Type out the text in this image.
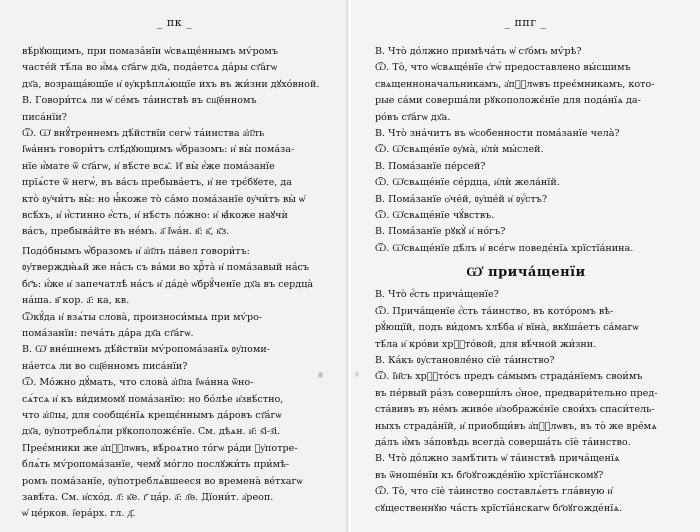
_ пк _
вѣ́рꙋющимъ, при помаза́нїи ѡ҆свѧще́ннымъ мѵ́ромъ
часте́й тѣ́ла во и҆́мѧ ст҃а́гѡ дх҃а, пода́етсѧ да́ры ст҃а́гѡ
дх҃а, возраща́ющїе и҆ ᲂу҆крѣплѧ́ющїе ихъ въ жи́зни дꙋхо́вной.
В. Говори́тсѧ ли ѡ҆ се́мъ та́инствѣ въ сщ҃е́нномъ
писа́нїи?
Ѿ. Ѡ҆ внꙋ́треннемъ дѣ́йствїи сегѡ̀ та́инства а҆п҃лъ
І҆ѡа́ннъ говори́тъ слѣ́дꙋющимъ ѡ҆́бразомъ: и҆ вы̀ пома́за-
нїе и҆́мате ѿ ст҃а́гѡ, и҆ вѣ́сте всѧ̑. И҆ вы̀ е҆́же пома́занїе
прїѧ́сте ѿ негѡ̀, въ ва́съ пребыва́етъ, и҆ не трє́бꙋете, да
кто̀ ᲂу҆чи́тъ вы̀: но ꙗ҆́коже то̀ са́мо пома́занїе ᲂу҆чи́тъ вы̀ ѡ҆
всѣ́хъ, и҆ и҆́стинно е҆́сть, и҆ нѣ́сть ло́жно: и҆ ꙗ҆́коже наꙋчѝ
ва́съ, пребыва́йте въ не́мъ. а҃ І҆ѡа́н. в҃: к҃, к҃з.
Подо́бнымъ ѡ҆́бразомъ и҆ а҆п҃лъ па́вел говори́тъ:
ᲂу҆тверждꙗ́ѧй же на́съ съ ва́ми во хрⷭ҇та̀ и҆ пома́завый на́съ
бг҃ъ: и҆́же и҆ запечатлѣ̀ на́съ и҆ да́дѐ ѡ҆брꙋ́ченїе дх҃а въ сердца̀
на́ша. в҃ кор. а҃: ка, кв.
Ѿкꙋ́да и҆ взѧ́ты слова̀, произноси́мыѧ при мѵ́ро-
пома́занїи: печа́ть да́ра дх҃а ст҃а́гѡ.
В. Ѡ҆ вне́шнемъ дѣ́йствїи мѵ́ропома́занїѧ ᲂу҆поми-
на́етсѧ ли во сщ҃е́нномъ писа́нїи?
Ѿ. Мо́жно дꙋ́мать, что слова̀ а҆п҃ла І҆ѡа́нна ѿно-
сѧ́тсѧ и҆ къ ви́димомꙋ пома́занїю: но бо́лѣе и҆звѣ́стно,
что а҆п҃лы, для сообщє́нїѧ крещє́ннымъ да́ровъ ст҃а́гѡ
дх҃а, ᲂу҆потреблѧ́ли рꙋкоположє́нїе. См. дѣѧн. и҃: ѕ҃і-з҃і.
Преє́мники же а҆пⷭ҇лѡвъ, вѣ́роѧтно то́гѡ ра́ди ᲂу҆потре-
блѧ́ть мѵ́ропома́занїе, чемꙋ̀ мо́гло послꙋжи́ть при́мѣ-
ромъ пома́занїе, ᲂу҆потреблѧ́вшееся во времена̀ ве́тхагѡ
завѣ́та. См. и҆схо́д. л҃: к҃е. г҃ ца́р. а҃: л҃ѳ. Дїони́т. а҆реоп.
ѡ҆ це́рков. і҆ера́рх. гл. д҃.
_ ппг _
В. Что̀ до́лжно примѣча́ть ѡ҆ ст҃о́мъ мѵ́рѣ?
Ѿ. То̀, что ѡ҆свѧще́нїе є҆гѡ̀ предоставлено вы́сшимъ
свѧщенноначальникамъ, а҆пⷭ҇лѡвъ преє́мникамъ, кото-
рые са́ми соверша́ли рꙋкоположє́нїе для пода́нїѧ да-
ро́въ ст҃а́гѡ дх҃а.
В. Что̀ зна́читъ въ ѡ҆собенности пома́занїе чела̀?
Ѿ. Ѡ҆свѧще́нїе ᲂу҆ма̀, и҆лѝ мы́слей.
В. Пома́занїе пе́рсей?
Ѿ. Ѡ҆свѧще́нїе се́рдца, и҆лѝ жела́нїй.
В. Пома́занїе ѻ҆че́й, ᲂу҆ше́й и҆ ᲂу҆́стъ?
Ѿ. Ѡ҆свѧще́нїе чꙋ́вствъ.
В. Пома́занїе рꙋкꙋ̀ и҆ но́гъ?
Ѿ. Ѡ҆свѧще́нїе дѣ́лъ и҆ все́гѡ поведє́нїѧ хрїстїа́нина.
Ѡ҆ прича́щенїи
В. Что̀ е҆́сть прича́щенїе?
Ѿ. Прича́щенїе є҆́сть та́инство, въ кото́ромъ вѣ-
рꙋ́ющїй, подъ ви́домъ хлѣ́ба и҆ вїна̀, вкꙋша́етъ са́магѡ
тѣ́ла и҆ кро́ви хрⷭ҇то́вой, для вѣ́чной жи́зни.
В. Ка́къ ᲂу҆становле́но сїѐ та́инство?
Ѿ. І҆и҃съ хрⷭ҇то́съ предъ са́мымъ страда́нїемъ свои́мъ
въ пе́рвый ра́зъ соверши́лъ ѻ҆́ное, предвари́тельно пред-
ста́вивъ въ не́мъ живо́е и҆зображє́нїе свои́хъ спаси́тель-
ныхъ страда́нїй, и҆ приобщи́въ а҆пⷭ҇лѡвъ, въ то̀ же вре́мѧ
да́лъ и҆̀мъ за́повѣдь всегда̀ соверша́ть сїѐ та́инство.
В. Что̀ до́лжно замѣ́тить ѡ҆ та́инствѣ прича́щенїѧ
въ ѿноше́нїи къ бг҃оꙋгожде́нїю хрїстїа́нскомꙋ?
Ѿ. То̀, что сїѐ та́инство составлѧ́етъ гла́вную и҆
сꙋщественнꙋю ча́сть хрїстїа́нскагѡ бг҃оꙋгожде́нїѧ.
